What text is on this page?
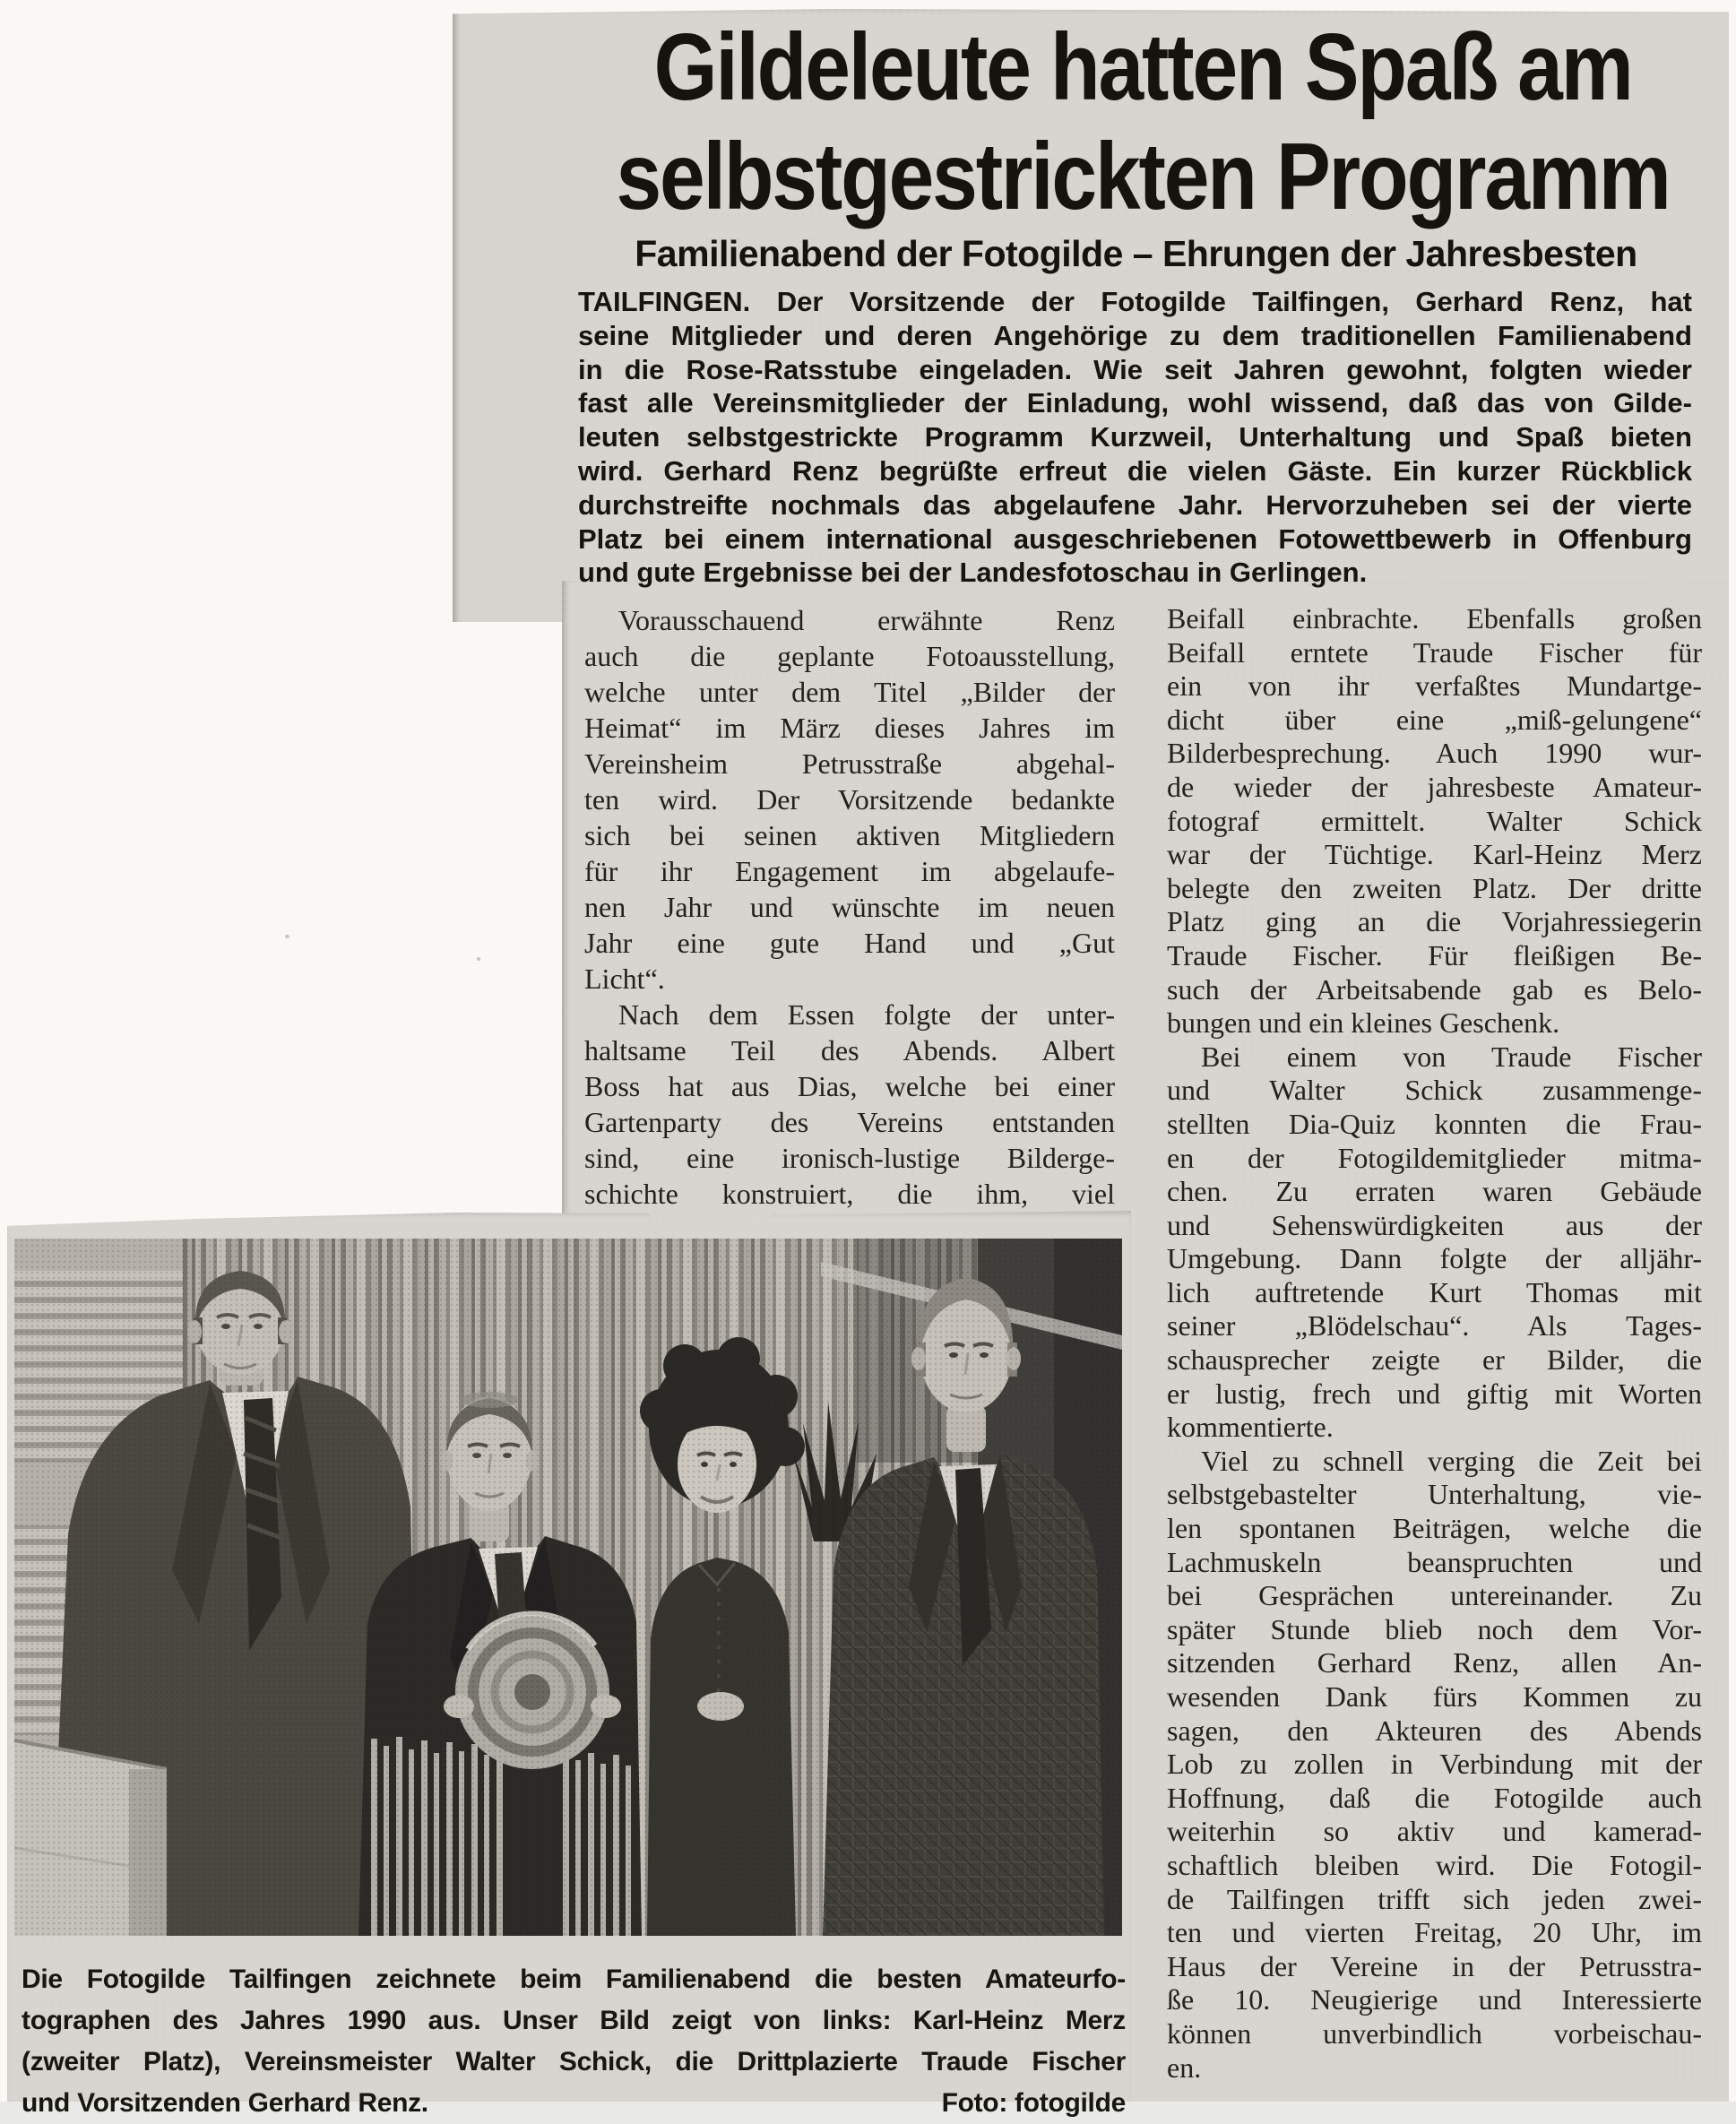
Gildeleute hatten Spaß am
selbstgestrickten Programm
Familienabend der Fotogilde – Ehrungen der Jahresbesten
TAILFINGEN. Der Vorsitzende der Fotogilde Tailfingen, Gerhard Renz, hat
seine Mitglieder und deren Angehörige zu dem traditionellen Familienabend
in die Rose-Ratsstube eingeladen. Wie seit Jahren gewohnt, folgten wieder
fast alle Vereinsmitglieder der Einladung, wohl wissend, daß das von Gilde-
leuten selbstgestrickte Programm Kurzweil, Unterhaltung und Spaß bieten
wird. Gerhard Renz begrüßte erfreut die vielen Gäste. Ein kurzer Rückblick
durchstreifte nochmals das abgelaufene Jahr. Hervorzuheben sei der vierte
Platz bei einem international ausgeschriebenen Fotowettbewerb in Offenburg
und gute Ergebnisse bei der Landesfotoschau in Gerlingen.
Vorausschauend erwähnte Renz
auch die geplante Fotoausstellung,
welche unter dem Titel „Bilder der
Heimat“ im März dieses Jahres im
Vereinsheim Petrusstraße abgehal-
ten wird. Der Vorsitzende bedankte
sich bei seinen aktiven Mitgliedern
für ihr Engagement im abgelaufe-
nen Jahr und wünschte im neuen
Jahr eine gute Hand und „Gut
Licht“.
Nach dem Essen folgte der unter-
haltsame Teil des Abends. Albert
Boss hat aus Dias, welche bei einer
Gartenparty des Vereins entstanden
sind, eine ironisch-lustige Bilderge-
schichte konstruiert, die ihm, viel
Beifall einbrachte. Ebenfalls großen
Beifall erntete Traude Fischer für
ein von ihr verfaßtes Mundartge-
dicht über eine „miß-gelungene“
Bilderbesprechung. Auch 1990 wur-
de wieder der jahresbeste Amateur-
fotograf ermittelt. Walter Schick
war der Tüchtige. Karl-Heinz Merz
belegte den zweiten Platz. Der dritte
Platz ging an die Vorjahressiegerin
Traude Fischer. Für fleißigen Be-
such der Arbeitsabende gab es Belo-
bungen und ein kleines Geschenk.
Bei einem von Traude Fischer
und Walter Schick zusammenge-
stellten Dia-Quiz konnten die Frau-
en der Fotogildemitglieder mitma-
chen. Zu erraten waren Gebäude
und Sehenswürdigkeiten aus der
Umgebung. Dann folgte der alljähr-
lich auftretende Kurt Thomas mit
seiner „Blödelschau“. Als Tages-
schausprecher zeigte er Bilder, die
er lustig, frech und giftig mit Worten
kommentierte.
Viel zu schnell verging die Zeit bei
selbstgebastelter Unterhaltung, vie-
len spontanen Beiträgen, welche die
Lachmuskeln beanspruchten und
bei Gesprächen untereinander. Zu
später Stunde blieb noch dem Vor-
sitzenden Gerhard Renz, allen An-
wesenden Dank fürs Kommen zu
sagen, den Akteuren des Abends
Lob zu zollen in Verbindung mit der
Hoffnung, daß die Fotogilde auch
weiterhin so aktiv und kamerad-
schaftlich bleiben wird. Die Fotogil-
de Tailfingen trifft sich jeden zwei-
ten und vierten Freitag, 20 Uhr, im
Haus der Vereine in der Petrusstra-
ße 10. Neugierige und Interessierte
können unverbindlich vorbeischau-
en.
Die Fotogilde Tailfingen zeichnete beim Familienabend die besten Amateurfo-
tographen des Jahres 1990 aus. Unser Bild zeigt von links: Karl-Heinz Merz
(zweiter Platz), Vereinsmeister Walter Schick, die Drittplazierte Traude Fischer
und Vorsitzenden Gerhard Renz.	Foto: fotogilde
